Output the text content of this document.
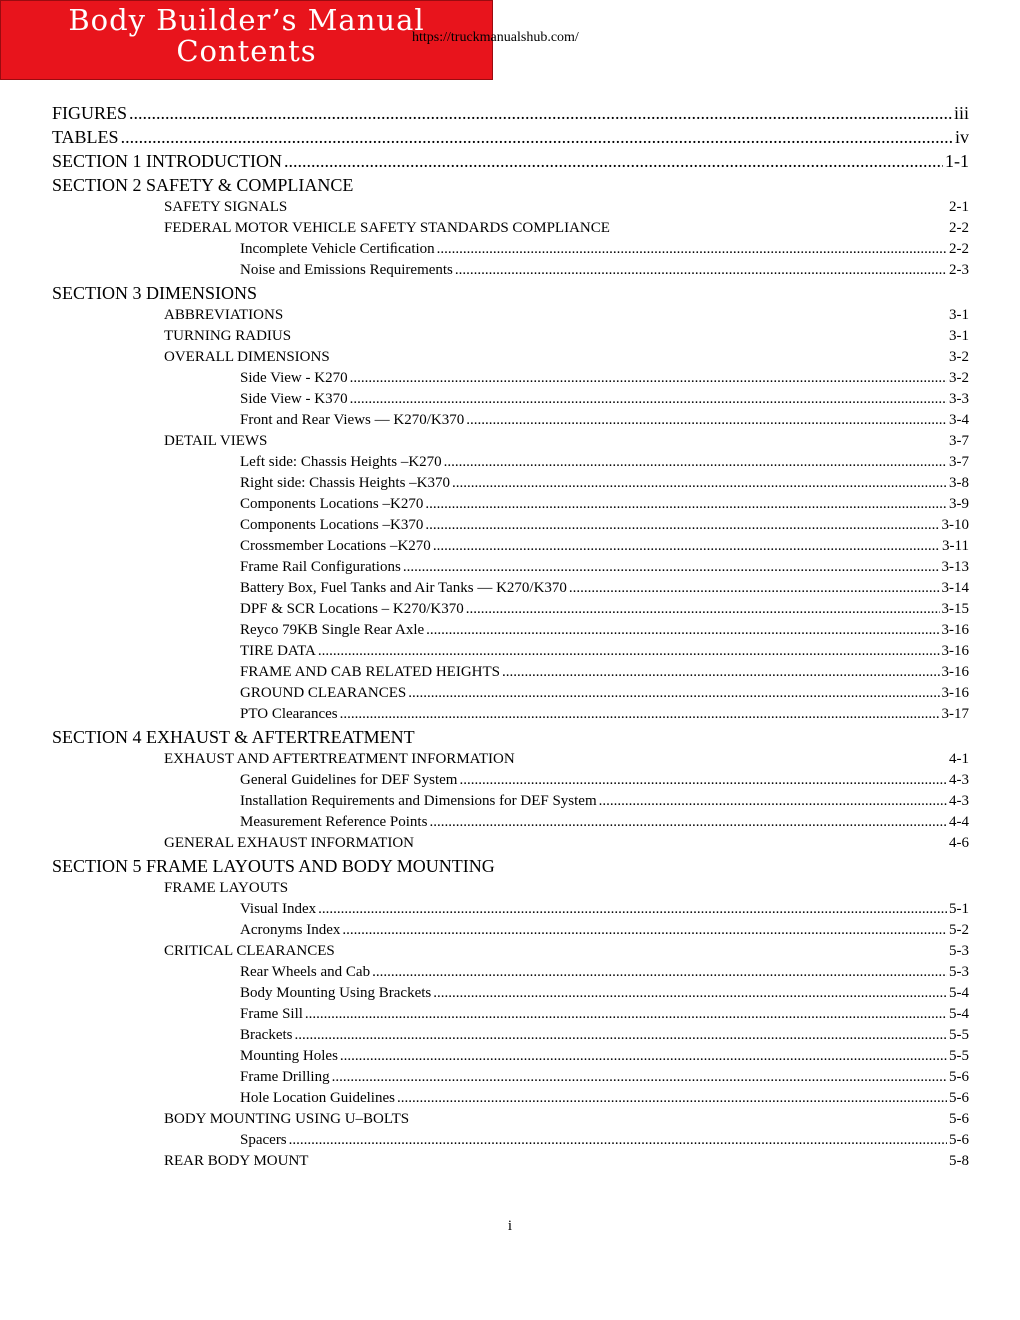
Body Builder’s Manual
Contents	https://truckmanualshub.com/
FIGURES .....	iii
TABLES .....	iv
SECTION 1 INTRODUCTION .....	1-1
SECTION 2 SAFETY & COMPLIANCE
SAFETY SIGNALS	2-1
FEDERAL MOTOR VEHICLE SAFETY STANDARDS COMPLIANCE	2-2
Incomplete Vehicle Certiﬁcation .....	2-2
Noise and Emissions Requirements .....	2-3
SECTION 3 DIMENSIONS
ABBREVIATIONS	3-1
TURNING RADIUS	3-1
OVERALL DIMENSIONS	3-2
Side View - K270 .....	3-2
Side View - K370 .....	3-3
Front and Rear Views — K270/K370 .....	3-4
DETAIL VIEWS	3-7
Left side: Chassis Heights –K270 .....	3-7
Right side: Chassis Heights –K370 .....	3-8
Components Locations –K270 .....	3-9
Components Locations –K370 .....	3-10
Crossmember Locations –K270 .....	3-11
Frame Rail Configurations .....	3-13
Battery Box, Fuel Tanks and Air Tanks — K270/K370 .....	3-14
DPF & SCR Locations – K270/K370 .....	3-15
Reyco 79KB Single Rear Axle .....	3-16
TIRE DATA .....	3-16
FRAME AND CAB RELATED HEIGHTS .....	3-16
GROUND CLEARANCES .....	3-16
PTO Clearances .....	3-17
SECTION 4 EXHAUST & AFTERTREATMENT
EXHAUST AND AFTERTREATMENT INFORMATION	4-1
General Guidelines for DEF System .....	4-3
Installation Requirements and Dimensions for DEF System .....	4-3
Measurement Reference Points .....	4-4
GENERAL EXHAUST INFORMATION	4-6
SECTION 5 FRAME LAYOUTS AND BODY MOUNTING
FRAME LAYOUTS
Visual Index .....	5-1
Acronyms Index .....	5-2
CRITICAL CLEARANCES	5-3
Rear Wheels and Cab .....	5-3
Body Mounting Using Brackets .....	5-4
Frame Sill .....	5-4
Brackets .....	5-5
Mounting Holes .....	5-5
Frame Drilling .....	5-6
Hole Location Guidelines .....	5-6
BODY MOUNTING USING U–BOLTS	5-6
Spacers .....	5-6
REAR BODY MOUNT	5-8
i
